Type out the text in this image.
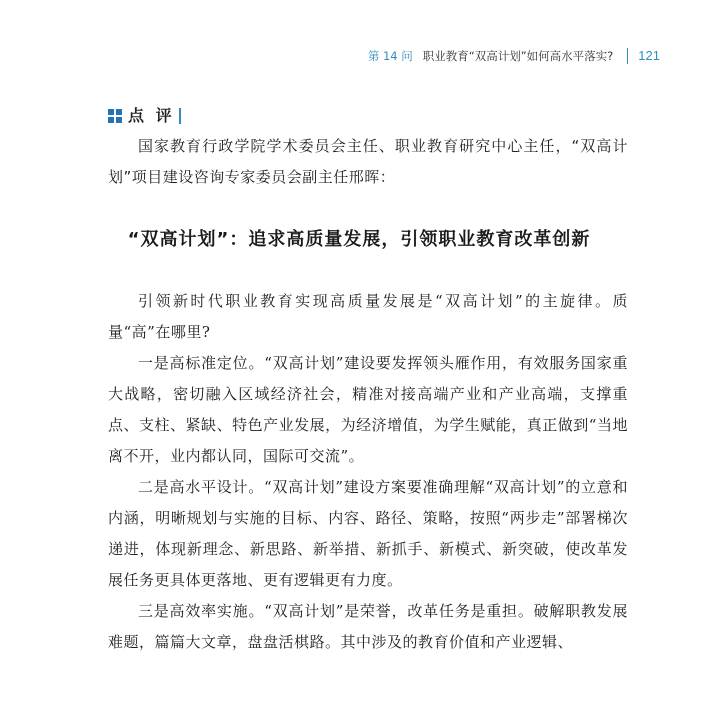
第 14 问 职业教育“双高计划”如何高水平落实? 121
点 评

国家教育行政学院学术委员会主任、职业教育研究中心主任，“双高计划”项目建设咨询专家委员会副主任邢晖：

“双高计划”：追求高质量发展，引领职业教育改革创新

引领新时代职业教育实现高质量发展是“双高计划”的主旋律。质量“高”在哪里?

一是高标准定位。“双高计划”建设要发挥领头雁作用，有效服务国家重大战略，密切融入区域经济社会，精准对接高端产业和产业高端，支撑重点、支柱、紧缺、特色产业发展，为经济增值，为学生赋能，真正做到“当地离不开，业内都认同，国际可交流”。

二是高水平设计。“双高计划”建设方案要准确理解“双高计划”的立意和内涵，明晰规划与实施的目标、内容、路径、策略，按照“两步走”部署梯次递进，体现新理念、新思路、新举措、新抓手、新模式、新突破，使改革发展任务更具体更落地、更有逻辑更有力度。

三是高效率实施。“双高计划”是荣誉，改革任务是重担。破解职教发展难题，篇篇大文章，盘盘活棋路。其中涉及的教育价值和产业逻辑、
